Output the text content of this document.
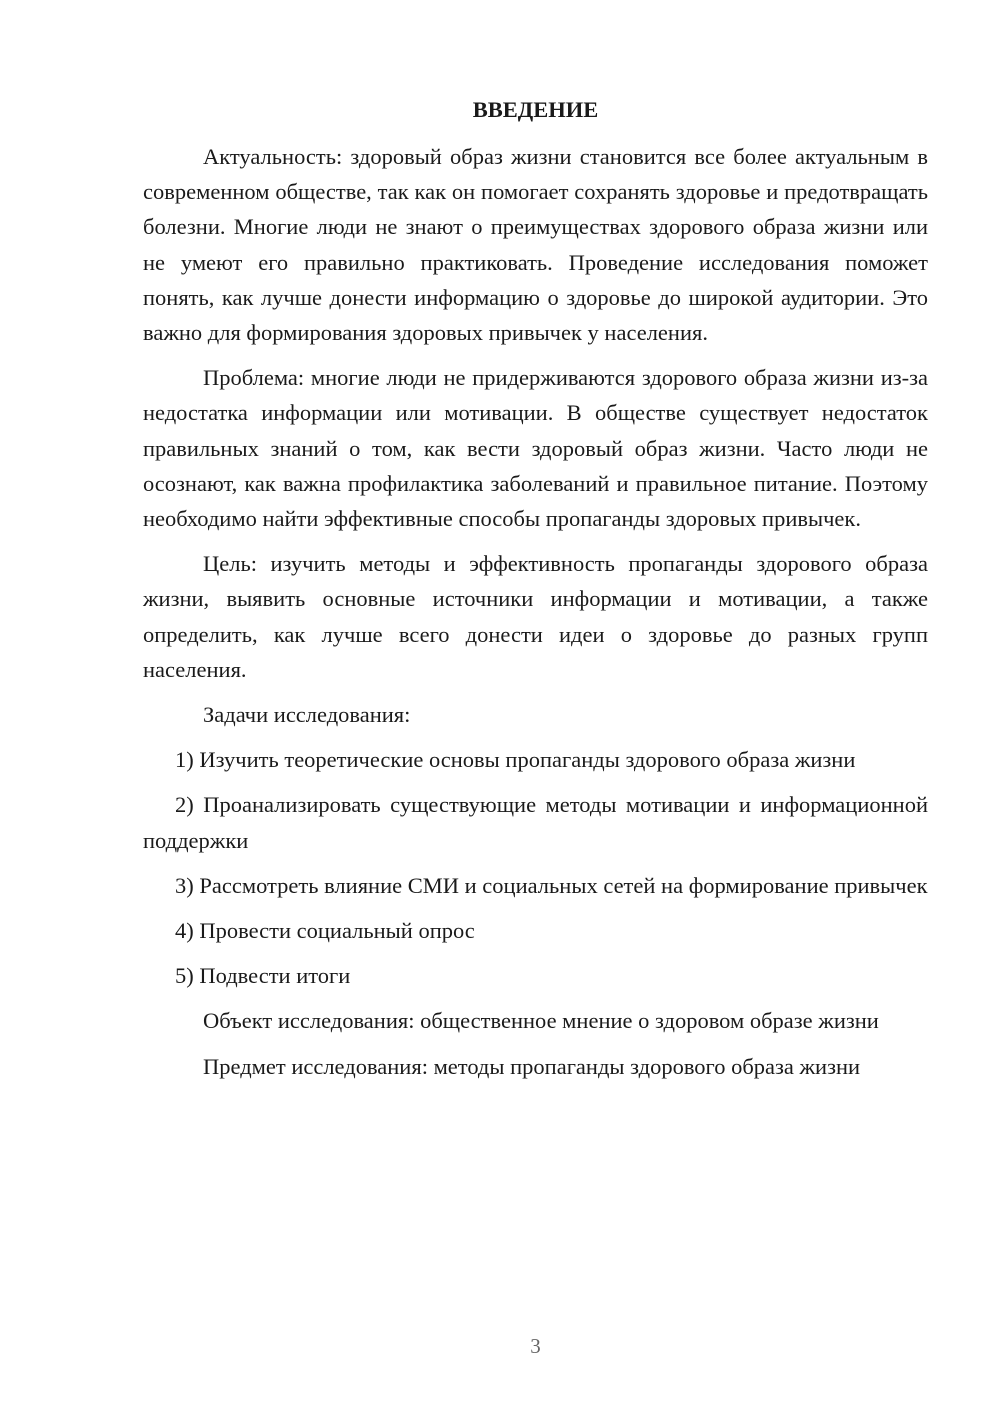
ВВЕДЕНИЕ

Актуальность: здоровый образ жизни становится все более актуальным в современном обществе, так как он помогает сохранять здоровье и предотвращать болезни. Многие люди не знают о преимуществах здорового образа жизни или не умеют его правильно практиковать. Проведение исследования поможет понять, как лучше донести информацию о здоровье до широкой аудитории. Это важно для формирования здоровых привычек у населения.

Проблема: многие люди не придерживаются здорового образа жизни из-за недостатка информации или мотивации. В обществе существует недостаток правильных знаний о том, как вести здоровый образ жизни. Часто люди не осознают, как важна профилактика заболеваний и правильное питание. Поэтому необходимо найти эффективные способы пропаганды здоровых привычек.

Цель: изучить методы и эффективность пропаганды здорового образа жизни, выявить основные источники информации и мотивации, а также определить, как лучше всего донести идеи о здоровье до разных групп населения.

Задачи исследования:

1) Изучить теоретические основы пропаганды здорового образа жизни

2) Проанализировать существующие методы мотивации и информационной поддержки

3) Рассмотреть влияние СМИ и социальных сетей на формирование привычек

4) Провести социальный опрос

5) Подвести итоги

Объект исследования: общественное мнение о здоровом образе жизни

Предмет исследования: методы пропаганды здорового образа жизни

3
